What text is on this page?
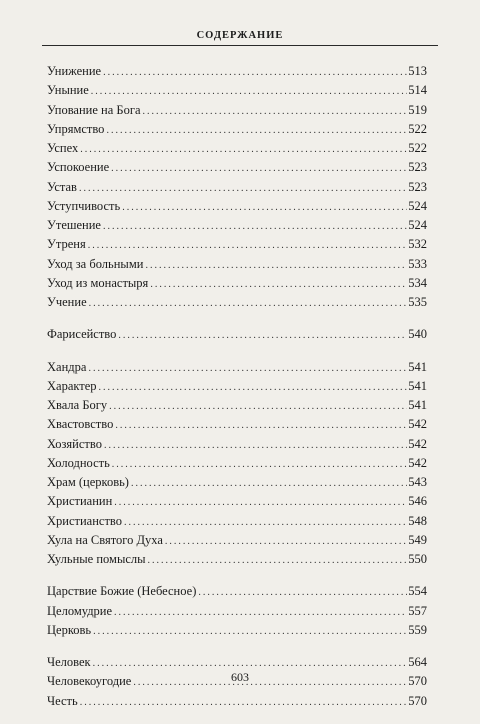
СОДЕРЖАНИЕ
Унижение .....	513
Уныние .....	514
Упование на Бога .....	519
Упрямство .....	522
Успех .....	522
Успокоение .....	523
Устав .....	523
Уступчивость .....	524
Утешение .....	524
Утреня .....	532
Уход за больными .....	533
Уход из монастыря .....	534
Учение .....	535
Фарисейство .....	540
Хандра .....	541
Характер .....	541
Хвала Богу .....	541
Хвастовство .....	542
Хозяйство .....	542
Холодность .....	542
Храм (церковь) .....	543
Христианин .....	546
Христианство .....	548
Хула на Святого Духа .....	549
Хульные помыслы .....	550
Царствие Божие (Небесное) .....	554
Целомудрие .....	557
Церковь .....	559
Человек .....	564
Человекоугодие .....	570
Честь .....	570
603
